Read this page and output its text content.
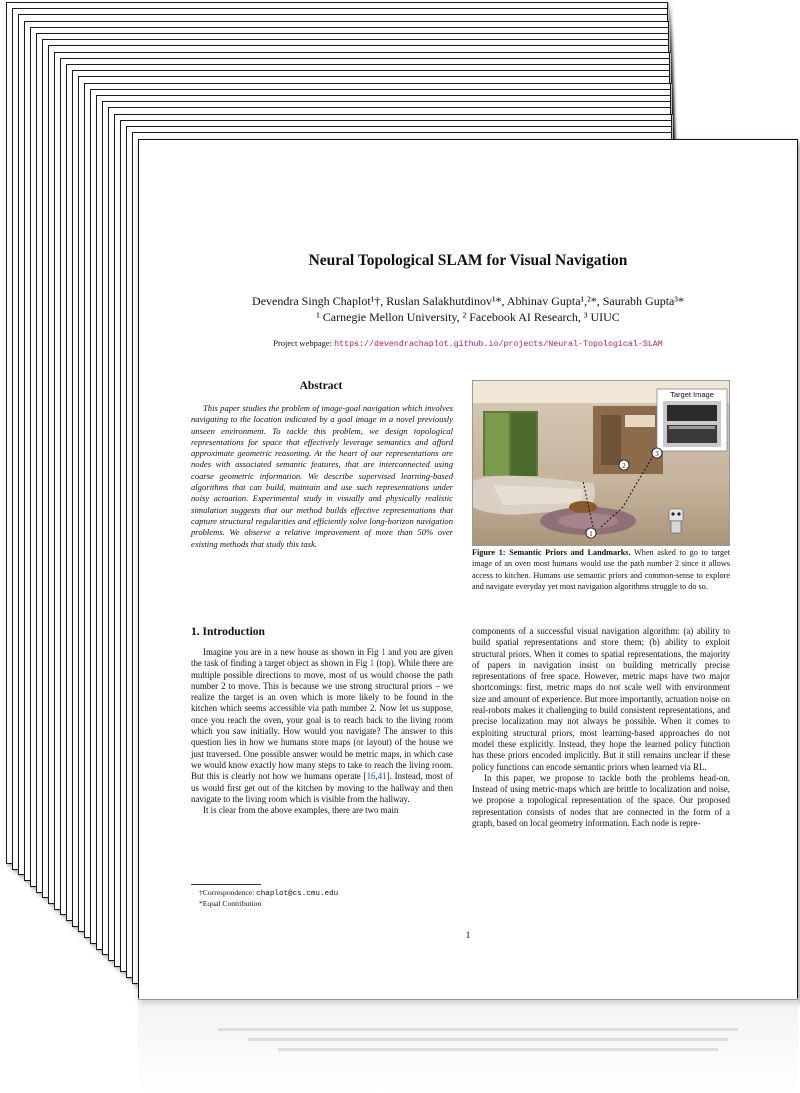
Neural Topological SLAM for Visual Navigation
Devendra Singh Chaplot¹†, Ruslan Salakhutdinov¹*, Abhinav Gupta¹,²*, Saurabh Gupta³*
¹ Carnegie Mellon University, ² Facebook AI Research, ³ UIUC
Project webpage: https://devendrachaplot.github.io/projects/Neural-Topological-SLAM
Abstract

This paper studies the problem of image-goal navigation which involves navigating to the location indicated by a goal image in a novel previously unseen environment. To tackle this problem, we design topological representations for space that effectively leverage semantics and afford approximate geometric reasoning. At the heart of our representations are nodes with associated semantic features, that are interconnected using coarse geometric information. We describe supervised learning-based algorithms that can build, maintain and use such representations under noisy actuation. Experimental study in visually and physically realistic simulation suggests that our method builds effective representations that capture structural regularities and efficiently solve long-horizon navigation problems. We observe a relative improvement of more than 50% over existing methods that study this task.

Target Image
2
3
1

Figure 1: Semantic Priors and Landmarks. When asked to go to target image of an oven most humans would use the path number 2 since it allows access to kitchen. Humans use semantic priors and common-sense to explore and navigate everyday yet most navigation algorithms struggle to do so.

1. Introduction

Imagine you are in a new house as shown in Fig 1 and you are given the task of finding a target object as shown in Fig 1 (top). While there are multiple possible directions to move, most of us would choose the path number 2 to move. This is because we use strong structural priors – we realize the target is an oven which is more likely to be found in the kitchen which seems accessible via path number 2. Now let us suppose, once you reach the oven, your goal is to reach back to the living room which you saw initially. How would you navigate? The answer to this question lies in how we humans store maps (or layout) of the house we just traversed. One possible answer would be metric maps, in which case we would know exactly how many steps to take to reach the living room. But this is clearly not how we humans operate [16,41]. Instead, most of us would first get out of the kitchen by moving to the hallway and then navigate to the living room which is visible from the hallway.

It is clear from the above examples, there are two main

components of a successful visual navigation algorithm: (a) ability to build spatial representations and store them; (b) ability to exploit structural priors. When it comes to spatial representations, the majority of papers in navigation insist on building metrically precise representations of free space. However, metric maps have two major shortcomings: first, metric maps do not scale well with environment size and amount of experience. But more importantly, actuation noise on real-robots makes it challenging to build consistent representations, and precise localization may not always be possible. When it comes to exploiting structural priors, most learning-based approaches do not model these explicitly. Instead, they hope the learned policy function has these priors encoded implicitly. But it still remains unclear if these policy functions can encode semantic priors when learned via RL.

In this paper, we propose to tackle both the problems head-on. Instead of using metric-maps which are brittle to localization and noise, we propose a topological representation of the space. Our proposed representation consists of nodes that are connected in the form of a graph, based on local geometry information. Each node is repre-

†Correspondence: chaplot@cs.cmu.edu
*Equal Contribution
1
